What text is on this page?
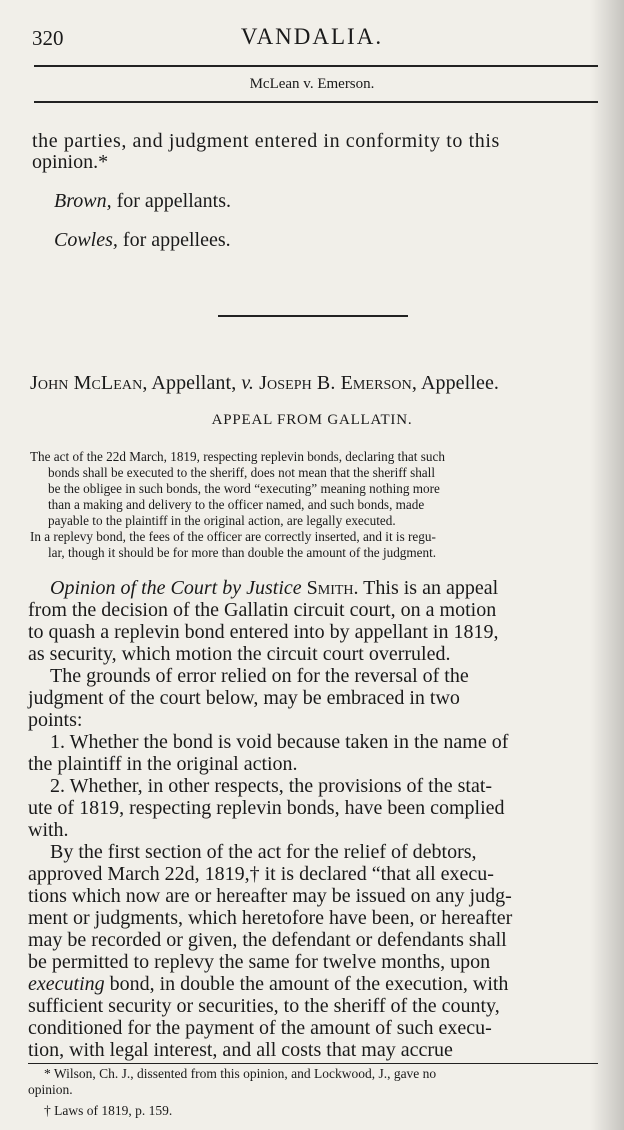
320	VANDALIA.
McLean v. Emerson.
the parties, and judgment entered in conformity to this
opinion.*
Brown, for appellants.
Cowles, for appellees.
John McLean, Appellant, v. Joseph B. Emerson, Appellee.
APPEAL FROM GALLATIN.
The act of the 22d March, 1819, respecting replevin bonds, declaring that such
bonds shall be executed to the sheriff, does not mean that the sheriff shall
be the obligee in such bonds, the word “executing” meaning nothing more
than a making and delivery to the officer named, and such bonds, made
payable to the plaintiff in the original action, are legally executed.
In a replevy bond, the fees of the officer are correctly inserted, and it is regu-
lar, though it should be for more than double the amount of the judgment.
Opinion of the Court by Justice Smith. This is an appeal
from the decision of the Gallatin circuit court, on a motion
to quash a replevin bond entered into by appellant in 1819,
as security, which motion the circuit court overruled.
The grounds of error relied on for the reversal of the
judgment of the court below, may be embraced in two
points:
1. Whether the bond is void because taken in the name of
the plaintiff in the original action.
2. Whether, in other respects, the provisions of the stat-
ute of 1819, respecting replevin bonds, have been complied
with.
By the first section of the act for the relief of debtors,
approved March 22d, 1819,† it is declared “that all execu-
tions which now are or hereafter may be issued on any judg-
ment or judgments, which heretofore have been, or hereafter
may be recorded or given, the defendant or defendants shall
be permitted to replevy the same for twelve months, upon
executing bond, in double the amount of the execution, with
sufficient security or securities, to the sheriff of the county,
conditioned for the payment of the amount of such execu-
tion, with legal interest, and all costs that may accrue
* Wilson, Ch. J., dissented from this opinion, and Lockwood, J., gave no
opinion.
† Laws of 1819, p. 159.
